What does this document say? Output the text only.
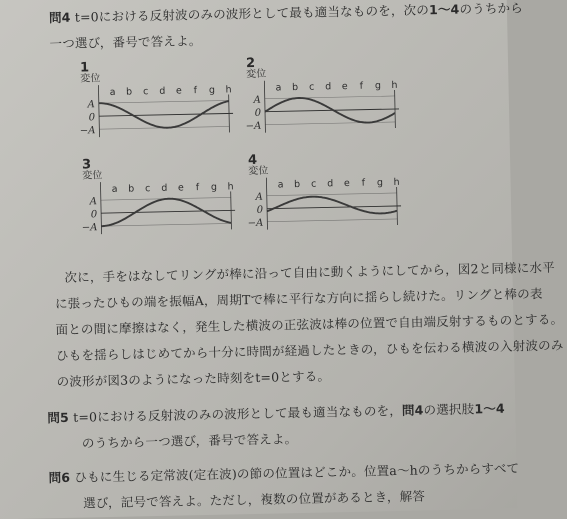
問4 t=0における反射波のみの波形として最も適当なものを，次の1～4のうちから
一つ選び，番号で答えよ。
1
変位
A
0
−A
a b c d e f g h
2
変位
A
0
−A
a b c d e f g h
3
変位
A
0
−A
a b c d e f g h
4
変位
A
0
−A
a b c d e f g h
次に，手をはなしてリングが棒に沿って自由に動くようにしてから，図2と同様に水平
に張ったひもの端を振幅A，周期Tで棒に平行な方向に揺らし続けた。リングと棒の表
面との間に摩擦はなく，発生した横波の正弦波は棒の位置で自由端反射するものとする。
ひもを揺らしはじめてから十分に時間が経過したときの，ひもを伝わる横波の入射波のみ
の波形が図3のようになった時刻をt=0とする。
問5 t=0における反射波のみの波形として最も適当なものを，問4の選択肢1～4
のうちから一つ選び，番号で答えよ。
問6 ひもに生じる定常波(定在波)の節の位置はどこか。位置a～hのうちからすべて
選び，記号で答えよ。ただし，複数の位置があるとき，解答
